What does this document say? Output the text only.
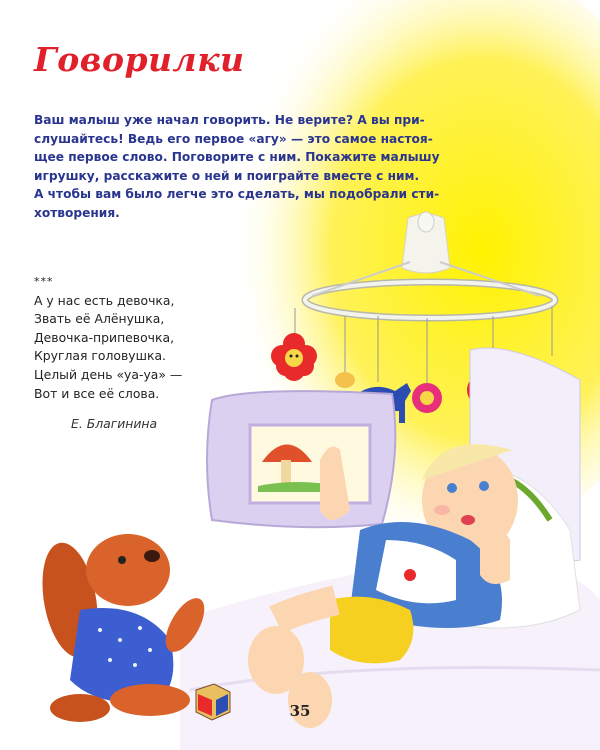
Говорилки
Ваш малыш уже начал говорить. Не верите? А вы при-
слушайтесь! Ведь его первое «агу» — это самое настоя-
щее первое слово. Поговорите с ним. Покажите малышу
игрушку, расскажите о ней и поиграйте вместе с ним.
А чтобы вам было легче это сделать, мы подобрали сти-
хотворения.
***
А у нас есть девочка,
Звать её Алёнушка,
Девочка-припевочка,
Круглая головушка.
Целый день «уа-уа» —
Вот и все её слова.
Е. Благинина
35
